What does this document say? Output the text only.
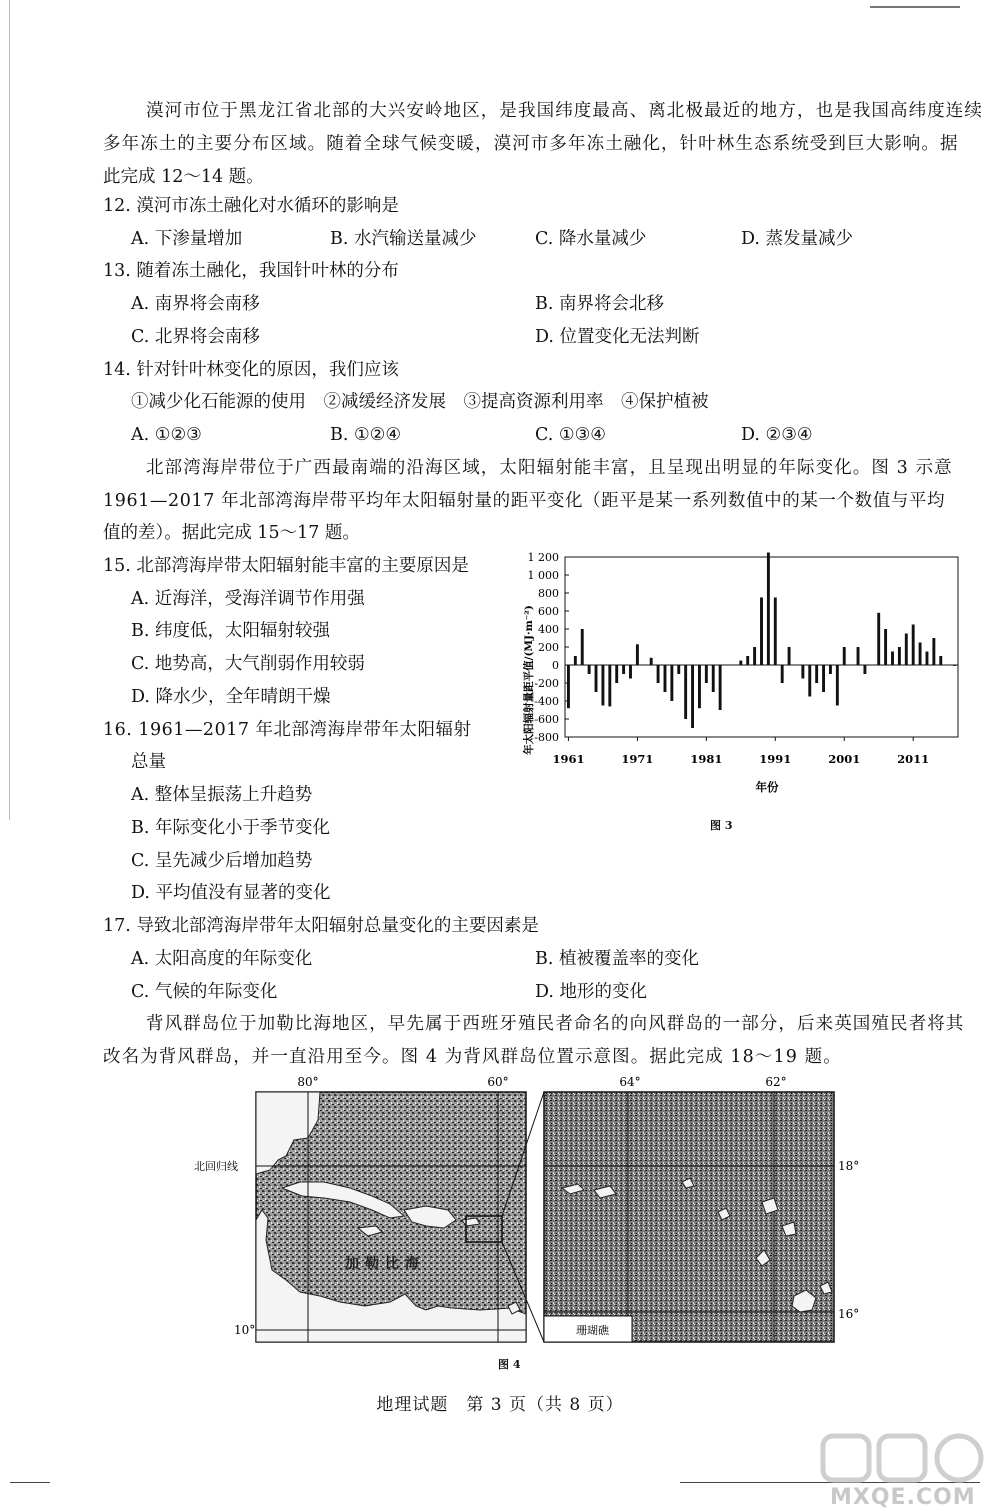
漠河市位于黑龙江省北部的大兴安岭地区，是我国纬度最高、离北极最近的地方，也是我国高纬度连续
多年冻土的主要分布区域。随着全球气候变暖，漠河市多年冻土融化，针叶林生态系统受到巨大影响。据
此完成 12～14 题。
12. 漠河市冻土融化对水循环的影响是
A. 下渗量增加	B. 水汽输送量减少	C. 降水量减少	D. 蒸发量减少
13. 随着冻土融化，我国针叶林的分布
A. 南界将会南移	B. 南界将会北移
C. 北界将会南移	D. 位置变化无法判断
14. 针对针叶林变化的原因，我们应该
①减少化石能源的使用　②减缓经济发展　③提高资源利用率　④保护植被
A. ①②③	B. ①②④	C. ①③④	D. ②③④
北部湾海岸带位于广西最南端的沿海区域，太阳辐射能丰富，且呈现出明显的年际变化。图 3 示意
1961—2017 年北部湾海岸带平均年太阳辐射量的距平变化（距平是某一系列数值中的某一个数值与平均
值的差）。据此完成 15～17 题。
15. 北部湾海岸带太阳辐射能丰富的主要原因是
A. 近海洋，受海洋调节作用强
B. 纬度低，太阳辐射较强
C. 地势高，大气削弱作用较弱
D. 降水少，全年晴朗干燥
16. 1961—2017 年北部湾海岸带年太阳辐射
总量
A. 整体呈振荡上升趋势
B. 年际变化小于季节变化
C. 呈先减少后增加趋势
D. 平均值没有显著的变化
年太阳辐射量距平值/(MJ·m⁻²)
1 200
1 000
800
600
400
200
0
-200
-400
-600
-800
1961	1971	1981	1991	2001	2011
年份
图 3
17. 导致北部湾海岸带年太阳辐射总量变化的主要因素是
A. 太阳高度的年际变化	B. 植被覆盖率的变化
C. 气候的年际变化	D. 地形的变化
背风群岛位于加勒比海地区，早先属于西班牙殖民者命名的向风群岛的一部分，后来英国殖民者将其
改名为背风群岛，并一直沿用至今。图 4 为背风群岛位置示意图。据此完成 18～19 题。
80°	60°
加勒比海
北回归线
10°
64°	62°
珊瑚礁
18°
16°
图 4
地理试题　第 3 页（共 8 页）
MXQE.COM
